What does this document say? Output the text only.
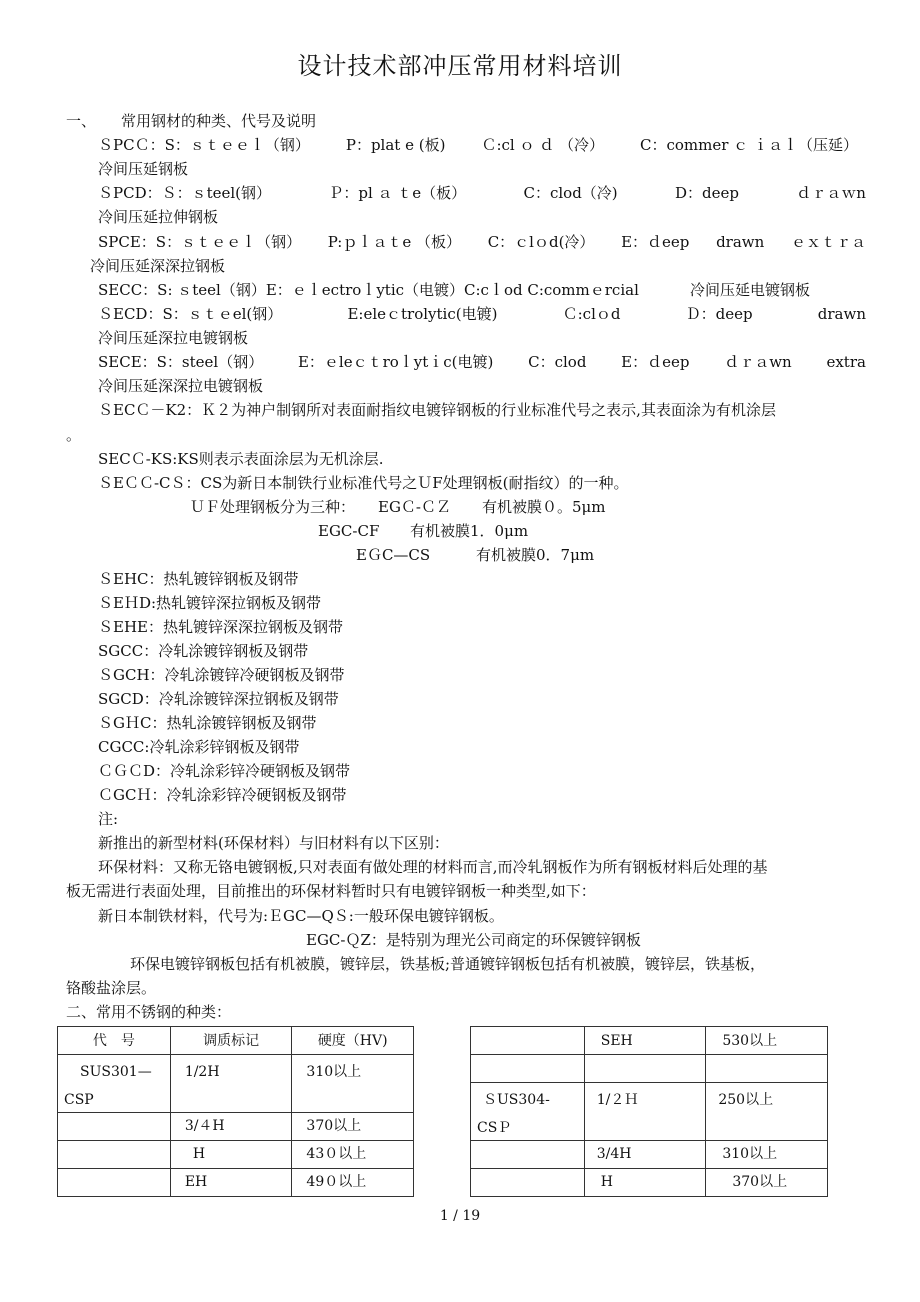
设计技术部冲压常用材料培训
一、 常用钢材的种类、代号及说明
ＳPCＣ：S：ｓｔｅｅｌ（钢） P：plat e (板) Ｃ:cl ｏ ｄ （冷） C：commer ｃ ｉａｌ（压延）
冷间压延钢板
ＳPCD：Ｓ：ｓteel(钢）	Ｐ：pl ａ ｔe（板）	C：clod（冷)	D：deep	ｄｒａｗn
冷间压延拉伸钢板
SPCE：S：ｓｔｅｅｌ（钢） P:ｐｌａｔe （板） C：ｃlｏd(冷） E：ｄeep drawn ｅｘｔｒａ
冷间压延深深拉钢板
SECC：S: ｓteel（钢）E：ｅｌectroｌytic（电镀）C:cｌod C:commｅrcial	冷间压延电镀钢板
ＳECD：S：ｓｔｅel(钢）	E:eleｃtrolytic(电镀)	Ｃ:clｏd	Ｄ：deep	drawn
冷间压延深拉电镀钢板
SECE：S：steel（钢） E：ｅleｃｔroｌytｉc(电镀) C：clod E：ｄeep ｄｒａwn extra
冷间压延深深拉电镀钢板
ＳECＣ－K2：Ｋ２为神户制钢所对表面耐指纹电镀锌钢板的行业标准代号之表示,其表面涂为有机涂层
。
SECＣ-KS:KS则表示表面涂层为无机涂层.
ＳEＣＣ-CＳ：CS为新日本制铁行业标准代号之ＵF处理钢板(耐指纹）的一种。
ＵＦ处理钢板分为三种： EGＣ-ＣＺ 有机被膜０。5μm
EGC-CF 有机被膜1．0μm
EＧC—CS	有机被膜0．7μm
ＳEHC：热轧镀锌钢板及钢带
ＳEＨD:热轧镀锌深拉钢板及钢带
ＳEHE：热轧镀锌深深拉钢板及钢带
SGCC：冷轧涂镀锌钢板及钢带
ＳGCH：冷轧涂镀锌冷硬钢板及钢带
SGCD：冷轧涂镀锌深拉钢板及钢带
ＳGＨC：热轧涂镀锌钢板及钢带
CGCC:冷轧涂彩锌钢板及钢带
ＣＧＣD：冷轧涂彩锌冷硬钢板及钢带
ＣGCＨ：冷轧涂彩锌冷硬钢板及钢带
注:
新推出的新型材料(环保材料）与旧材料有以下区别：
环保材料：又称无铬电镀钢板,只对表面有做处理的材料而言,而冷轧钢板作为所有钢板材料后处理的基
板无需进行表面处理，目前推出的环保材料暂时只有电镀锌钢板一种类型,如下：
新日本制铁材料，代号为:ＥGC—QＳ:一般环保电镀锌钢板。
EGC-ＱZ：是特别为理光公司商定的环保镀锌钢板
环保电镀锌钢板包括有机被膜，镀锌层，铁基板;普通镀锌钢板包括有机被膜，镀锌层，铁基板，
铬酸盐涂层。
二、常用不锈钢的种类：
代　号	调质标记	硬度（HV)

SUS301—
CSP	1/2H	310以上
	3/４H	370以上
	H	43０以上
	EH	49０以上
	SEH	530以上

ＳUS304-
CSＰ	1/２Ｈ	250以上
	3/4H	310以上
	H	370以上
1 / 19
